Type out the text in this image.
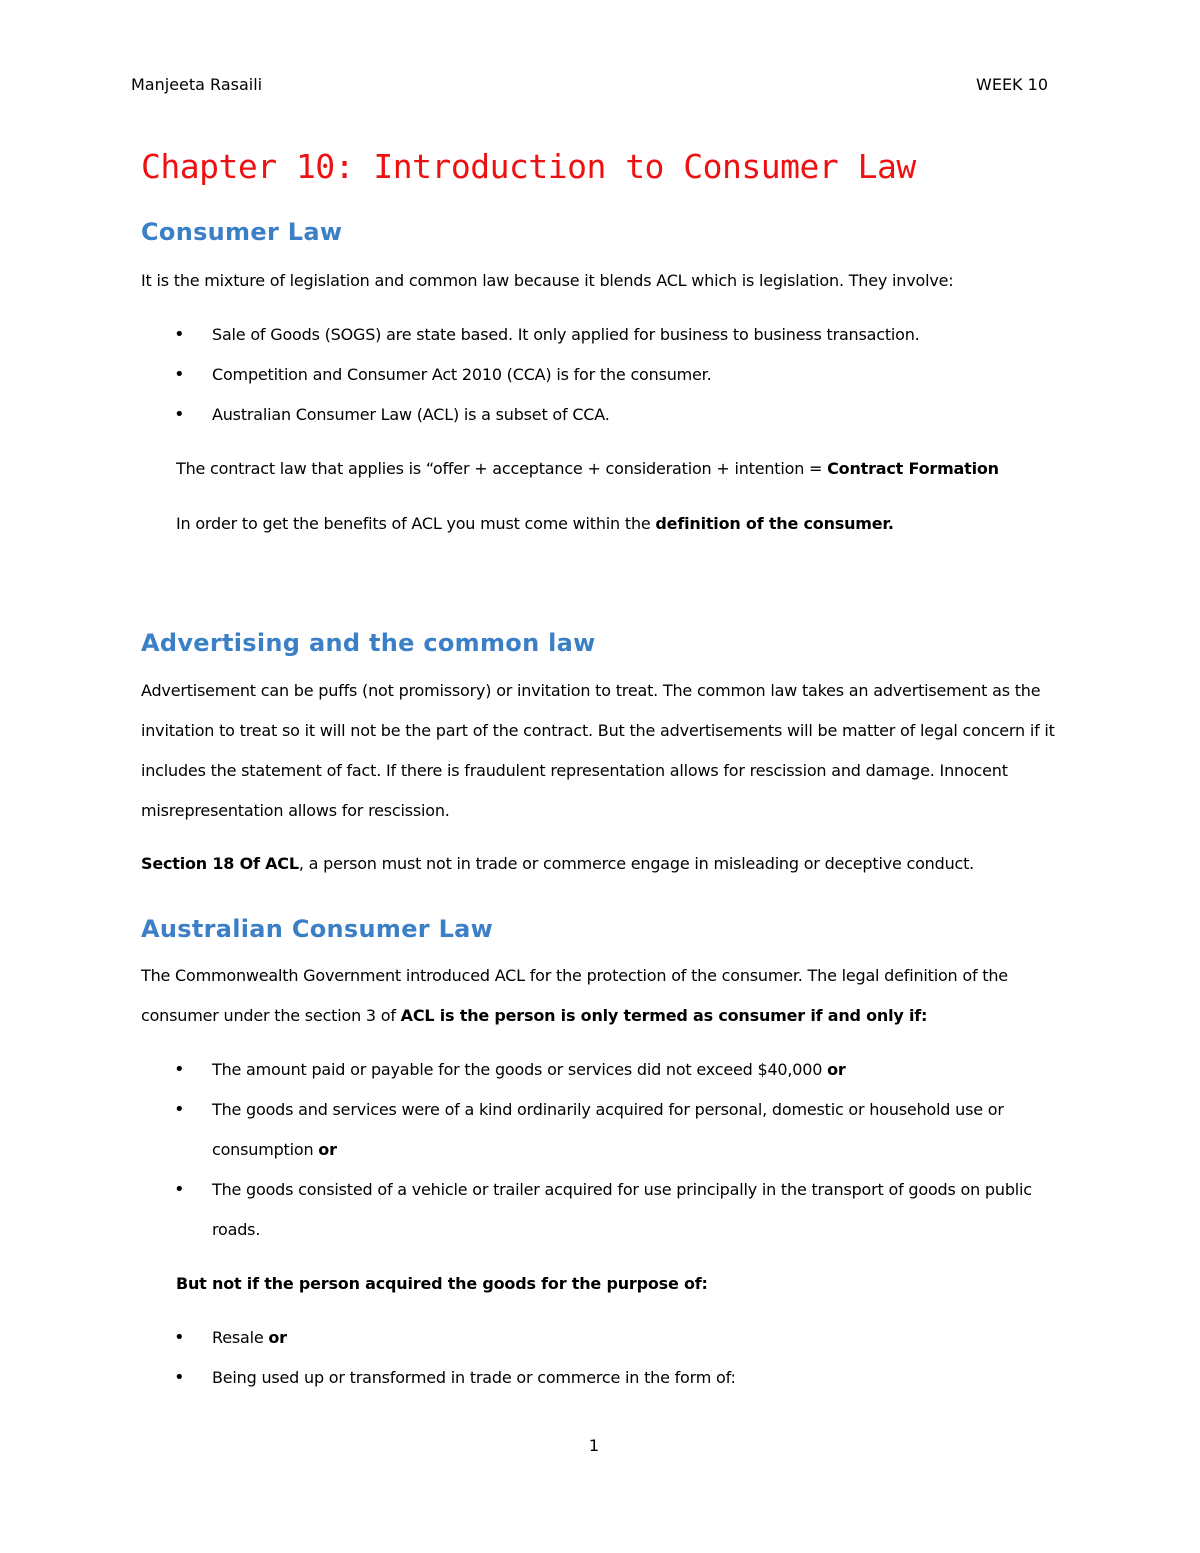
Manjeeta Rasaili	WEEK 10
Chapter 10: Introduction to Consumer Law
Consumer Law

It is the mixture of legislation and common law because it blends ACL which is legislation. They involve:

• Sale of Goods (SOGS) are state based. It only applied for business to business transaction.
• Competition and Consumer Act 2010 (CCA) is for the consumer.
• Australian Consumer Law (ACL) is a subset of CCA.

The contract law that applies is “offer + acceptance + consideration + intention = Contract Formation

In order to get the benefits of ACL you must come within the definition of the consumer.

Advertising and the common law

Advertisement can be puffs (not promissory) or invitation to treat. The common law takes an advertisement as the invitation to treat so it will not be the part of the contract. But the advertisements will be matter of legal concern if it includes the statement of fact. If there is fraudulent representation allows for rescission and damage. Innocent misrepresentation allows for rescission.

Section 18 Of ACL, a person must not in trade or commerce engage in misleading or deceptive conduct.

Australian Consumer Law

The Commonwealth Government introduced ACL for the protection of the consumer. The legal definition of the consumer under the section 3 of ACL is the person is only termed as consumer if and only if:

• The amount paid or payable for the goods or services did not exceed $40,000 or
• The goods and services were of a kind ordinarily acquired for personal, domestic or household use or consumption or
• The goods consisted of a vehicle or trailer acquired for use principally in the transport of goods on public roads.

But not if the person acquired the goods for the purpose of:

• Resale or
• Being used up or transformed in trade or commerce in the form of:
1
